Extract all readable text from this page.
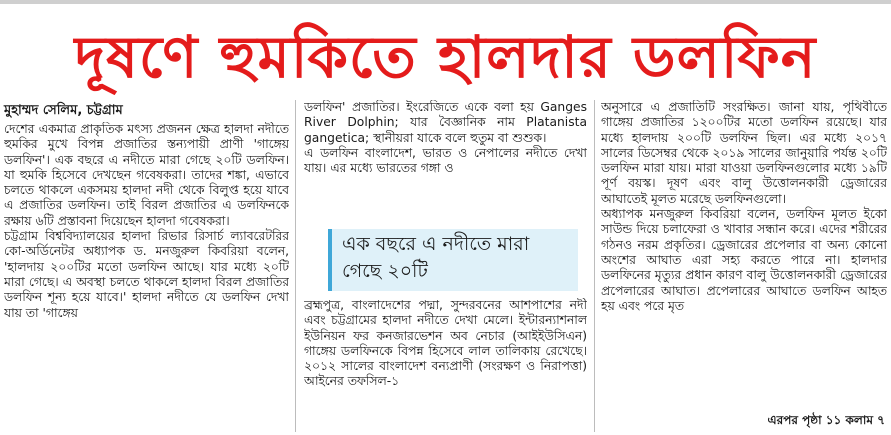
দূষণে হুমকিতে হালদার ডলফিন
মুহাম্মদ সেলিম, চট্টগ্রাম

দেশের একমাত্র প্রাকৃতিক মৎস্য প্রজনন ক্ষেত্র হালদা নদীতে হুমকির মুখে বিপন্ন প্রজাতির স্তন্যপায়ী প্রাণী 'গাঙ্গেয় ডলফিন'। এক বছরে এ নদীতে মারা গেছে ২০টি ডলফিন। যা হুমকি হিসেবে দেখছেন গবেষকরা। তাদের শঙ্কা, এভাবে চলতে থাকলে একসময় হালদা নদী থেকে বিলুপ্ত হয়ে যাবে এ প্রজাতির ডলফিন। তাই বিরল প্রজাতির এ ডলফিনকে রক্ষায় ৬টি প্রস্তাবনা দিয়েছেন হালদা গবেষকরা।

চট্টগ্রাম বিশ্ববিদ্যালয়ের হালদা রিভার রিসার্চ ল্যাবরেটরির কো-অর্ডিনেটর অধ্যাপক ড. মনজুরুল কিবরিয়া বলেন, 'হালদায় ২০০টির মতো ডলফিন আছে। যার মধ্যে ২০টি মারা গেছে। এ অবস্থা চলতে থাকলে হালদা বিরল প্রজাতির ডলফিন শূন্য হয়ে যাবে।' হালদা নদীতে যে ডলফিন দেখা যায় তা 'গাঙ্গেয়

ডলফিন' প্রজাতির। ইংরেজিতে একে বলা হয় Ganges River Dolphin; যার বৈজ্ঞানিক নাম Platanista gangetica; স্থানীয়রা যাকে বলে হুতুম বা শুশুক।

এ ডলফিন বাংলাদেশ, ভারত ও নেপালের নদীতে দেখা যায়। এর মধ্যে ভারতের গঙ্গা ও

ব্রহ্মপুত্র, বাংলাদেশের পদ্মা, সুন্দরবনের আশপাশের নদী এবং চট্টগ্রামের হালদা নদীতে দেখা মেলে। ইন্টারন্যাশনাল ইউনিয়ন ফর কনজারভেশন অব নেচার (আইইউসিএন) গাঙ্গেয় ডলফিনকে বিপন্ন হিসেবে লাল তালিকায় রেখেছে। ২০১২ সালের বাংলাদেশ বন্যপ্রাণী (সংরক্ষণ ও নিরাপত্তা) আইনের তফসিল-১

এক বছরে এ নদীতে মারা গেছে ২০টি

অনুসারে এ প্রজাতিটি সংরক্ষিত। জানা যায়, পৃথিবীতে গাঙ্গেয় প্রজাতির ১২০০টির মতো ডলফিন রয়েছে। যার মধ্যে হালদায় ২০০টি ডলফিন ছিল। এর মধ্যে ২০১৭ সালের ডিসেম্বর থেকে ২০১৯ সালের জানুয়ারি পর্যন্ত ২০টি ডলফিন মারা যায়। মারা যাওয়া ডলফিনগুলোর মধ্যে ১৯টি পূর্ণ বয়স্ক। দূষণ এবং বালু উত্তোলনকারী ড্রেজারের আঘাতেই মূলত মরেছে ডলফিনগুলো।

অধ্যাপক মনজুরুল কিবরিয়া বলেন, ডলফিন মূলত ইকো সাউন্ড দিয়ে চলাফেরা ও খাবার সন্ধান করে। এদের শরীরের গঠনও নরম প্রকৃতির। ড্রেজারের প্রপেলার বা অন্য কোনো অংশের আঘাত এরা সহ্য করতে পারে না। হালদার ডলফিনের মৃত্যুর প্রধান কারণ বালু উত্তোলনকারী ড্রেজারের প্রপেলারের আঘাত। প্রপেলারের আঘাতে ডলফিন আহত হয় এবং পরে মৃত

এরপর পৃষ্ঠা ১১ কলাম ৭
